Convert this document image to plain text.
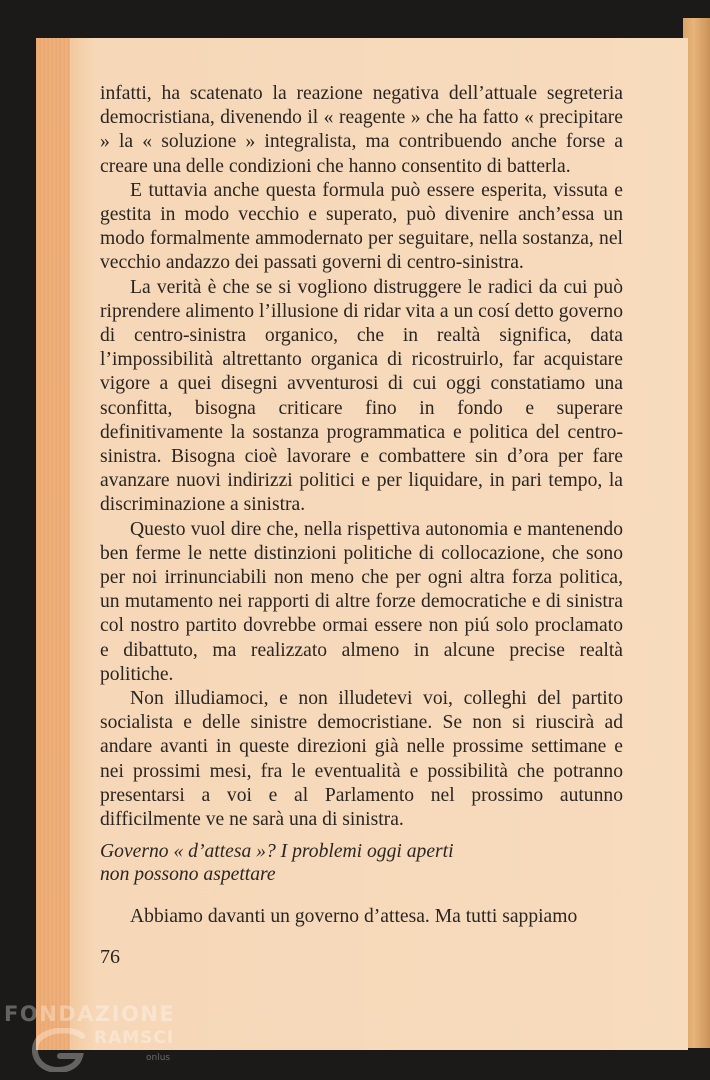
infatti, ha scatenato la reazione negativa dell’attuale segreteria democristiana, divenendo il « reagente » che ha fatto « precipitare » la « soluzione » integralista, ma contribuendo anche forse a creare una delle condizioni che hanno consentito di batterla.

E tuttavia anche questa formula può essere esperita, vissuta e gestita in modo vecchio e superato, può divenire anch’essa un modo formalmente ammodernato per seguitare, nella sostanza, nel vecchio andazzo dei passati governi di centro-sinistra.

La verità è che se si vogliono distruggere le radici da cui può riprendere alimento l’illusione di ridar vita a un cosí detto governo di centro-sinistra organico, che in realtà significa, data l’impossibilità altrettanto organica di ricostruirlo, far acquistare vigore a quei disegni avventurosi di cui oggi constatiamo una sconfitta, bisogna criticare fino in fondo e superare definitivamente la sostanza programmatica e politica del centro-sinistra. Bisogna cioè lavorare e combattere sin d’ora per fare avanzare nuovi indirizzi politici e per liquidare, in pari tempo, la discriminazione a sinistra.

Questo vuol dire che, nella rispettiva autonomia e mantenendo ben ferme le nette distinzioni politiche di collocazione, che sono per noi irrinunciabili non meno che per ogni altra forza politica, un mutamento nei rapporti di altre forze democratiche e di sinistra col nostro partito dovrebbe ormai essere non piú solo proclamato e dibattuto, ma realizzato almeno in alcune precise realtà politiche.

Non illudiamoci, e non illudetevi voi, colleghi del partito socialista e delle sinistre democristiane. Se non si riuscirà ad andare avanti in queste direzioni già nelle prossime settimane e nei prossimi mesi, fra le eventualità e possibilità che potranno presentarsi a voi e al Parlamento nel prossimo autunno difficilmente ve ne sarà una di sinistra.

Governo « d’attesa »? I problemi oggi aperti
non possono aspettare
Abbiamo davanti un governo d’attesa. Ma tutti sappiamo
76
FONDAZIONE
RAMSCI
onlus
